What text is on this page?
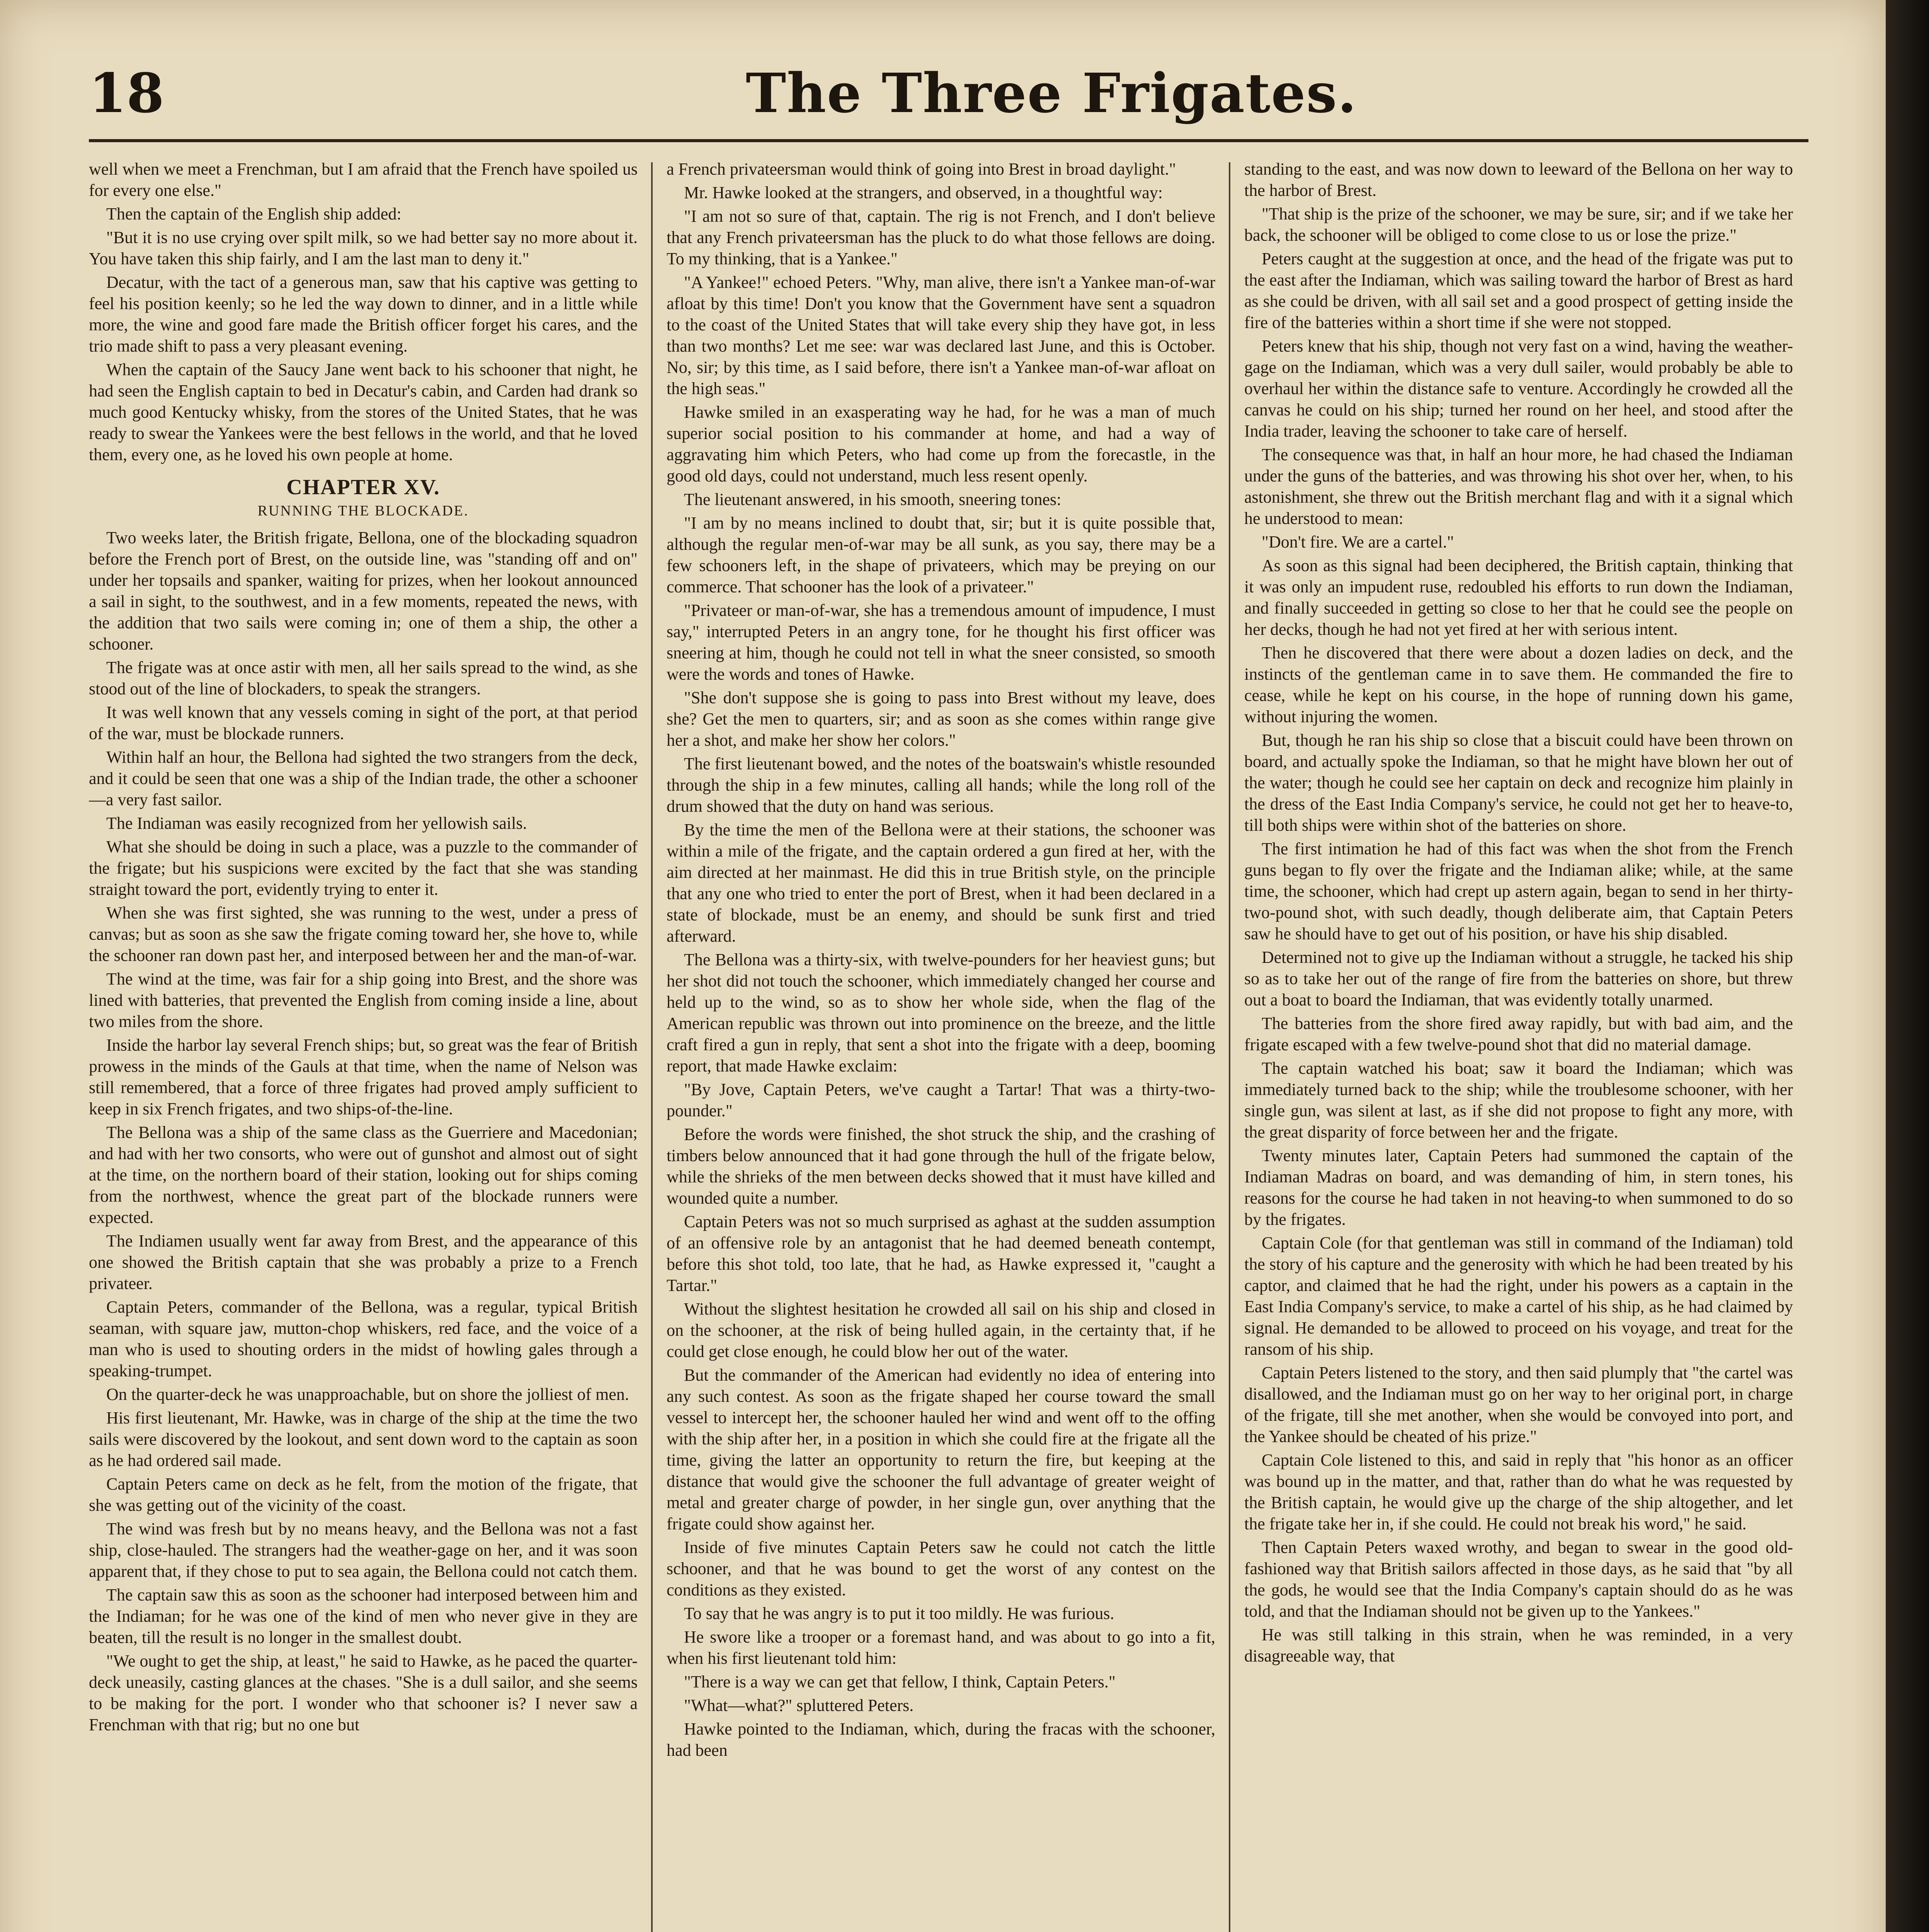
18	The Three Frigates.

well when we meet a Frenchman, but I am afraid that the French have spoiled us for every one else."

Then the captain of the English ship added:

"But it is no use crying over spilt milk, so we had better say no more about it. You have taken this ship fairly, and I am the last man to deny it."

Decatur, with the tact of a generous man, saw that his captive was getting to feel his position keenly; so he led the way down to dinner, and in a little while more, the wine and good fare made the British officer forget his cares, and the trio made shift to pass a very pleasant evening.

When the captain of the Saucy Jane went back to his schooner that night, he had seen the English captain to bed in Decatur's cabin, and Carden had drank so much good Kentucky whisky, from the stores of the United States, that he was ready to swear the Yankees were the best fellows in the world, and that he loved them, every one, as he loved his own people at home.

CHAPTER XV.
RUNNING THE BLOCKADE.

Two weeks later, the British frigate, Bellona, one of the blockading squadron before the French port of Brest, on the outside line, was "standing off and on" under her topsails and spanker, waiting for prizes, when her lookout announced a sail in sight, to the southwest, and in a few moments, repeated the news, with the addition that two sails were coming in; one of them a ship, the other a schooner.

The frigate was at once astir with men, all her sails spread to the wind, as she stood out of the line of blockaders, to speak the strangers.

It was well known that any vessels coming in sight of the port, at that period of the war, must be blockade runners.

Within half an hour, the Bellona had sighted the two strangers from the deck, and it could be seen that one was a ship of the Indian trade, the other a schooner—a very fast sailor.

The Indiaman was easily recognized from her yellowish sails.

What she should be doing in such a place, was a puzzle to the commander of the frigate; but his suspicions were excited by the fact that she was standing straight toward the port, evidently trying to enter it.

When she was first sighted, she was running to the west, under a press of canvas; but as soon as she saw the frigate coming toward her, she hove to, while the schooner ran down past her, and interposed between her and the man-of-war.

The wind at the time, was fair for a ship going into Brest, and the shore was lined with batteries, that prevented the English from coming inside a line, about two miles from the shore.

Inside the harbor lay several French ships; but, so great was the fear of British prowess in the minds of the Gauls at that time, when the name of Nelson was still remembered, that a force of three frigates had proved amply sufficient to keep in six French frigates, and two ships-of-the-line.

The Bellona was a ship of the same class as the Guerriere and Macedonian; and had with her two consorts, who were out of gunshot and almost out of sight at the time, on the northern board of their station, looking out for ships coming from the northwest, whence the great part of the blockade runners were expected.

The Indiamen usually went far away from Brest, and the appearance of this one showed the British captain that she was probably a prize to a French privateer.

Captain Peters, commander of the Bellona, was a regular, typical British seaman, with square jaw, mutton-chop whiskers, red face, and the voice of a man who is used to shouting orders in the midst of howling gales through a speaking-trumpet.

On the quarter-deck he was unapproachable, but on shore the jolliest of men.

His first lieutenant, Mr. Hawke, was in charge of the ship at the time the two sails were discovered by the lookout, and sent down word to the captain as soon as he had ordered sail made.

Captain Peters came on deck as he felt, from the motion of the frigate, that she was getting out of the vicinity of the coast.

The wind was fresh but by no means heavy, and the Bellona was not a fast ship, close-hauled. The strangers had the weather-gage on her, and it was soon apparent that, if they chose to put to sea again, the Bellona could not catch them.

The captain saw this as soon as the schooner had interposed between him and the Indiaman; for he was one of the kind of men who never give in they are beaten, till the result is no longer in the smallest doubt.

"We ought to get the ship, at least," he said to Hawke, as he paced the quarter-deck uneasily, casting glances at the chases. "She is a dull sailor, and she seems to be making for the port. I wonder who that schooner is? I never saw a Frenchman with that rig; but no one but

a French privateersman would think of going into Brest in broad daylight."

Mr. Hawke looked at the strangers, and observed, in a thoughtful way:

"I am not so sure of that, captain. The rig is not French, and I don't believe that any French privateersman has the pluck to do what those fellows are doing. To my thinking, that is a Yankee."

"A Yankee!" echoed Peters. "Why, man alive, there isn't a Yankee man-of-war afloat by this time! Don't you know that the Government have sent a squadron to the coast of the United States that will take every ship they have got, in less than two months? Let me see: war was declared last June, and this is October. No, sir; by this time, as I said before, there isn't a Yankee man-of-war afloat on the high seas."

Hawke smiled in an exasperating way he had, for he was a man of much superior social position to his commander at home, and had a way of aggravating him which Peters, who had come up from the forecastle, in the good old days, could not understand, much less resent openly.

The lieutenant answered, in his smooth, sneering tones:

"I am by no means inclined to doubt that, sir; but it is quite possible that, although the regular men-of-war may be all sunk, as you say, there may be a few schooners left, in the shape of privateers, which may be preying on our commerce. That schooner has the look of a privateer."

"Privateer or man-of-war, she has a tremendous amount of impudence, I must say," interrupted Peters in an angry tone, for he thought his first officer was sneering at him, though he could not tell in what the sneer consisted, so smooth were the words and tones of Hawke.

"She don't suppose she is going to pass into Brest without my leave, does she? Get the men to quarters, sir; and as soon as she comes within range give her a shot, and make her show her colors."

The first lieutenant bowed, and the notes of the boatswain's whistle resounded through the ship in a few minutes, calling all hands; while the long roll of the drum showed that the duty on hand was serious.

By the time the men of the Bellona were at their stations, the schooner was within a mile of the frigate, and the captain ordered a gun fired at her, with the aim directed at her mainmast. He did this in true British style, on the principle that any one who tried to enter the port of Brest, when it had been declared in a state of blockade, must be an enemy, and should be sunk first and tried afterward.

The Bellona was a thirty-six, with twelve-pounders for her heaviest guns; but her shot did not touch the schooner, which immediately changed her course and held up to the wind, so as to show her whole side, when the flag of the American republic was thrown out into prominence on the breeze, and the little craft fired a gun in reply, that sent a shot into the frigate with a deep, booming report, that made Hawke exclaim:

"By Jove, Captain Peters, we've caught a Tartar! That was a thirty-two-pounder."

Before the words were finished, the shot struck the ship, and the crashing of timbers below announced that it had gone through the hull of the frigate below, while the shrieks of the men between decks showed that it must have killed and wounded quite a number.

Captain Peters was not so much surprised as aghast at the sudden assumption of an offensive role by an antagonist that he had deemed beneath contempt, before this shot told, too late, that he had, as Hawke expressed it, "caught a Tartar."

Without the slightest hesitation he crowded all sail on his ship and closed in on the schooner, at the risk of being hulled again, in the certainty that, if he could get close enough, he could blow her out of the water.

But the commander of the American had evidently no idea of entering into any such contest. As soon as the frigate shaped her course toward the small vessel to intercept her, the schooner hauled her wind and went off to the offing with the ship after her, in a position in which she could fire at the frigate all the time, giving the latter an opportunity to return the fire, but keeping at the distance that would give the schooner the full advantage of greater weight of metal and greater charge of powder, in her single gun, over anything that the frigate could show against her.

Inside of five minutes Captain Peters saw he could not catch the little schooner, and that he was bound to get the worst of any contest on the conditions as they existed.

To say that he was angry is to put it too mildly. He was furious.

He swore like a trooper or a foremast hand, and was about to go into a fit, when his first lieutenant told him:

"There is a way we can get that fellow, I think, Captain Peters."

"What—what?" spluttered Peters.

Hawke pointed to the Indiaman, which, during the fracas with the schooner, had been

standing to the east, and was now down to leeward of the Bellona on her way to the harbor of Brest.

"That ship is the prize of the schooner, we may be sure, sir; and if we take her back, the schooner will be obliged to come close to us or lose the prize."

Peters caught at the suggestion at once, and the head of the frigate was put to the east after the Indiaman, which was sailing toward the harbor of Brest as hard as she could be driven, with all sail set and a good prospect of getting inside the fire of the batteries within a short time if she were not stopped.

Peters knew that his ship, though not very fast on a wind, having the weather-gage on the Indiaman, which was a very dull sailer, would probably be able to overhaul her within the distance safe to venture. Accordingly he crowded all the canvas he could on his ship; turned her round on her heel, and stood after the India trader, leaving the schooner to take care of herself.

The consequence was that, in half an hour more, he had chased the Indiaman under the guns of the batteries, and was throwing his shot over her, when, to his astonishment, she threw out the British merchant flag and with it a signal which he understood to mean:

"Don't fire. We are a cartel."

As soon as this signal had been deciphered, the British captain, thinking that it was only an impudent ruse, redoubled his efforts to run down the Indiaman, and finally succeeded in getting so close to her that he could see the people on her decks, though he had not yet fired at her with serious intent.

Then he discovered that there were about a dozen ladies on deck, and the instincts of the gentleman came in to save them. He commanded the fire to cease, while he kept on his course, in the hope of running down his game, without injuring the women.

But, though he ran his ship so close that a biscuit could have been thrown on board, and actually spoke the Indiaman, so that he might have blown her out of the water; though he could see her captain on deck and recognize him plainly in the dress of the East India Company's service, he could not get her to heave-to, till both ships were within shot of the batteries on shore.

The first intimation he had of this fact was when the shot from the French guns began to fly over the frigate and the Indiaman alike; while, at the same time, the schooner, which had crept up astern again, began to send in her thirty-two-pound shot, with such deadly, though deliberate aim, that Captain Peters saw he should have to get out of his position, or have his ship disabled.

Determined not to give up the Indiaman without a struggle, he tacked his ship so as to take her out of the range of fire from the batteries on shore, but threw out a boat to board the Indiaman, that was evidently totally unarmed.

The batteries from the shore fired away rapidly, but with bad aim, and the frigate escaped with a few twelve-pound shot that did no material damage.

The captain watched his boat; saw it board the Indiaman; which was immediately turned back to the ship; while the troublesome schooner, with her single gun, was silent at last, as if she did not propose to fight any more, with the great disparity of force between her and the frigate.

Twenty minutes later, Captain Peters had summoned the captain of the Indiaman Madras on board, and was demanding of him, in stern tones, his reasons for the course he had taken in not heaving-to when summoned to do so by the frigates.

Captain Cole (for that gentleman was still in command of the Indiaman) told the story of his capture and the generosity with which he had been treated by his captor, and claimed that he had the right, under his powers as a captain in the East India Company's service, to make a cartel of his ship, as he had claimed by signal. He demanded to be allowed to proceed on his voyage, and treat for the ransom of his ship.

Captain Peters listened to the story, and then said plumply that "the cartel was disallowed, and the Indiaman must go on her way to her original port, in charge of the frigate, till she met another, when she would be convoyed into port, and the Yankee should be cheated of his prize."

Captain Cole listened to this, and said in reply that "his honor as an officer was bound up in the matter, and that, rather than do what he was requested by the British captain, he would give up the charge of the ship altogether, and let the frigate take her in, if she could. He could not break his word," he said.

Then Captain Peters waxed wrothy, and began to swear in the good old-fashioned way that British sailors affected in those days, as he said that "by all the gods, he would see that the India Company's captain should do as he was told, and that the Indiaman should not be given up to the Yankees."

He was still talking in this strain, when he was reminded, in a very disagreeable way, that
